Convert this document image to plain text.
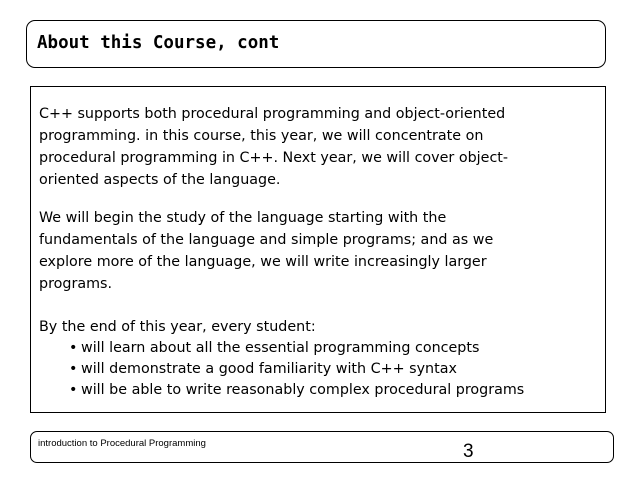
About this Course, cont

C++ supports both procedural programming and object-oriented
programming. in this course, this year, we will concentrate on
procedural programming in C++. Next year, we will cover object-
oriented aspects of the language.

We will begin the study of the language starting with the
fundamentals of the language and simple programs; and as we
explore more of the language, we will write increasingly larger
programs.

By the end of this year, every student:

• will learn about all the essential programming concepts
• will demonstrate a good familiarity with C++ syntax
• will be able to write reasonably complex procedural programs
introduction to Procedural Programming	3
